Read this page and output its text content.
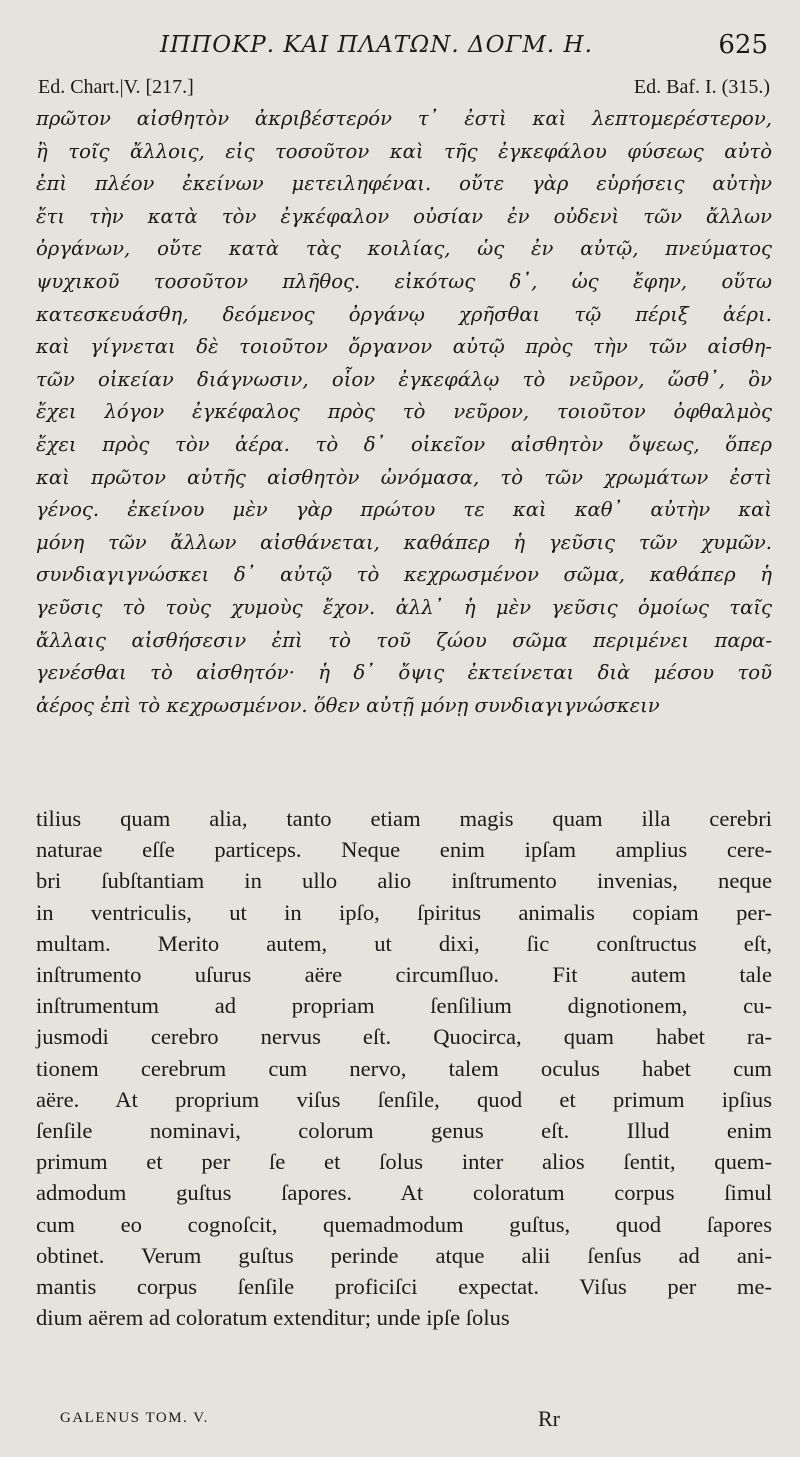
ΙΠΠΟΚΡ. ΚΑΙ ΠΛΑΤΩΝ. ΔΟΓΜ. Η.	625
Ed. Chart.|V. [217.]	Ed. Baf. I. (315.)
πρῶτον αἰσθητὸν ἀκριβέστερόν τ᾽ ἐστὶ καὶ λεπτομερέστερον,
ἢ τοῖς ἄλλοις, εἰς τοσοῦτον καὶ τῆς ἐγκεφάλου φύσεως αὐτὸ
ἐπὶ πλέον ἐκείνων μετειληφέναι. οὔτε γὰρ εὑρήσεις αὐτὴν
ἔτι τὴν κατὰ τὸν ἐγκέφαλον οὐσίαν ἐν οὐδενὶ τῶν ἄλλων
ὀργάνων, οὔτε κατὰ τὰς κοιλίας, ὡς ἐν αὐτῷ, πνεύματος
ψυχικοῦ τοσοῦτον πλῆθος. εἰκότως δ᾽, ὡς ἔφην, οὕτω
κατεσκευάσθη, δεόμενος ὀργάνῳ χρῆσθαι τῷ πέριξ ἀέρι.
καὶ γίγνεται δὲ τοιοῦτον ὄργανον αὐτῷ πρὸς τὴν τῶν αἰσθη-
τῶν οἰκείαν διάγνωσιν, οἷον ἐγκεφάλῳ τὸ νεῦρον, ὥσθ᾽, ὃν
ἔχει λόγον ἐγκέφαλος πρὸς τὸ νεῦρον, τοιοῦτον ὀφθαλμὸς
ἔχει πρὸς τὸν ἀέρα. τὸ δ᾽ οἰκεῖον αἰσθητὸν ὄψεως, ὅπερ
καὶ πρῶτον αὐτῆς αἰσθητὸν ὠνόμασα, τὸ τῶν χρωμάτων ἐστὶ
γένος. ἐκείνου μὲν γὰρ πρώτου τε καὶ καθ᾽ αὐτὴν καὶ
μόνη τῶν ἄλλων αἰσθάνεται, καθάπερ ἡ γεῦσις τῶν χυμῶν.
συνδιαγιγνώσκει δ᾽ αὐτῷ τὸ κεχρωσμένον σῶμα, καθάπερ ἡ
γεῦσις τὸ τοὺς χυμοὺς ἔχον. ἀλλ᾽ ἡ μὲν γεῦσις ὁμοίως ταῖς
ἄλλαις αἰσθήσεσιν ἐπὶ τὸ τοῦ ζώου σῶμα περιμένει παρα-
γενέσθαι τὸ αἰσθητόν· ἡ δ᾽ ὄψις ἐκτείνεται διὰ μέσου τοῦ
ἀέρος ἐπὶ τὸ κεχρωσμένον. ὅθεν αὐτῇ μόνῃ συνδιαγιγνώσκειν
tilius quam alia, tanto etiam magis quam illa cerebri
naturae eſſe particeps. Neque enim ipſam amplius cere-
bri ſubſtantiam in ullo alio inſtrumento invenias, neque
in ventriculis, ut in ipſo, ſpiritus animalis copiam per-
multam. Merito autem, ut dixi, ſic conſtructus eſt,
inſtrumento uſurus aëre circumſluo. Fit autem tale
inſtrumentum ad propriam ſenſilium dignotionem, cu-
jusmodi cerebro nervus eſt. Quocirca, quam habet ra-
tionem cerebrum cum nervo, talem oculus habet cum
aëre. At proprium viſus ſenſile, quod et primum ipſius
ſenſile nominavi, colorum genus eſt. Illud enim
primum et per ſe et ſolus inter alios ſentit, quem-
admodum guſtus ſapores. At coloratum corpus ſimul
cum eo cognoſcit, quemadmodum guſtus, quod ſapores
obtinet. Verum guſtus perinde atque alii ſenſus ad ani-
mantis corpus ſenſile proficiſci expectat. Viſus per me-
dium aërem ad coloratum extenditur; unde ipſe ſolus
GALENUS TOM. V.	Rr
